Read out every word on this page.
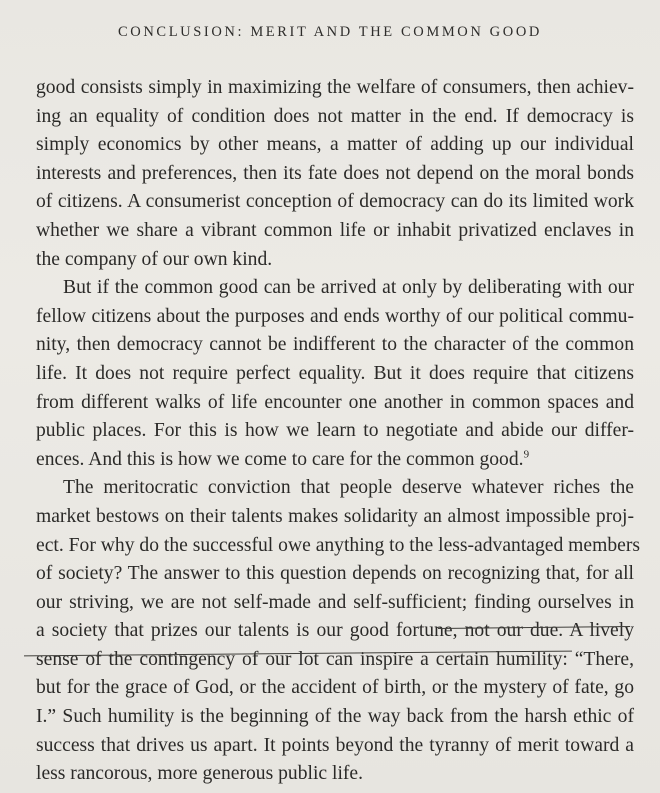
CONCLUSION: MERIT AND THE COMMON GOOD
good consists simply in maximizing the welfare of consumers, then achiev-
ing an equality of condition does not matter in the end. If democracy is
simply economics by other means, a matter of adding up our individual
interests and preferences, then its fate does not depend on the moral bonds
of citizens. A consumerist conception of democracy can do its limited work
whether we share a vibrant common life or inhabit privatized enclaves in
the company of our own kind.
But if the common good can be arrived at only by deliberating with our
fellow citizens about the purposes and ends worthy of our political commu-
nity, then democracy cannot be indifferent to the character of the common
life. It does not require perfect equality. But it does require that citizens
from different walks of life encounter one another in common spaces and
public places. For this is how we learn to negotiate and abide our differ-
ences. And this is how we come to care for the common good.$^9$
The meritocratic conviction that people deserve whatever riches the
market bestows on their talents makes solidarity an almost impossible proj-
ect. For why do the successful owe anything to the less-advantaged members
of society? The answer to this question depends on recognizing that, for all
our striving, we are not self-made and self-sufficient; finding ourselves in
a society that prizes our talents is our good fortune, not our due. A lively
sense of the contingency of our lot can inspire a certain humility: “There,
but for the grace of God, or the accident of birth, or the mystery of fate, go
I.” Such humility is the beginning of the way back from the harsh ethic of
success that drives us apart. It points beyond the tyranny of merit toward a
less rancorous, more generous public life.
